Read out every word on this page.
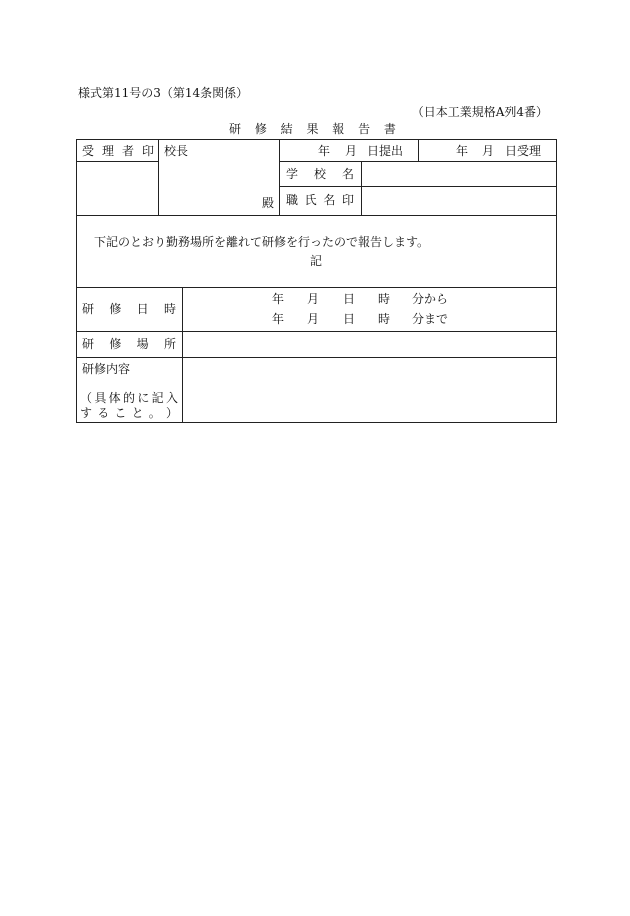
様式第11号の3（第14条関係）
（日本工業規格A列4番）
研 修 結 果 報 告 書
受 理 者 印 校長
殿
年 月 日提出	年 月 日受理
学 校 名
職 氏 名 印
下記のとおり勤務場所を離れて研修を行ったので報告します。
記
研 修 日 時
年 月 日 時 分から
年 月 日 時 分まで
研 修 場 所
研修内容
（ 具 体 的 に 記 入
す る こ と 。 ）
